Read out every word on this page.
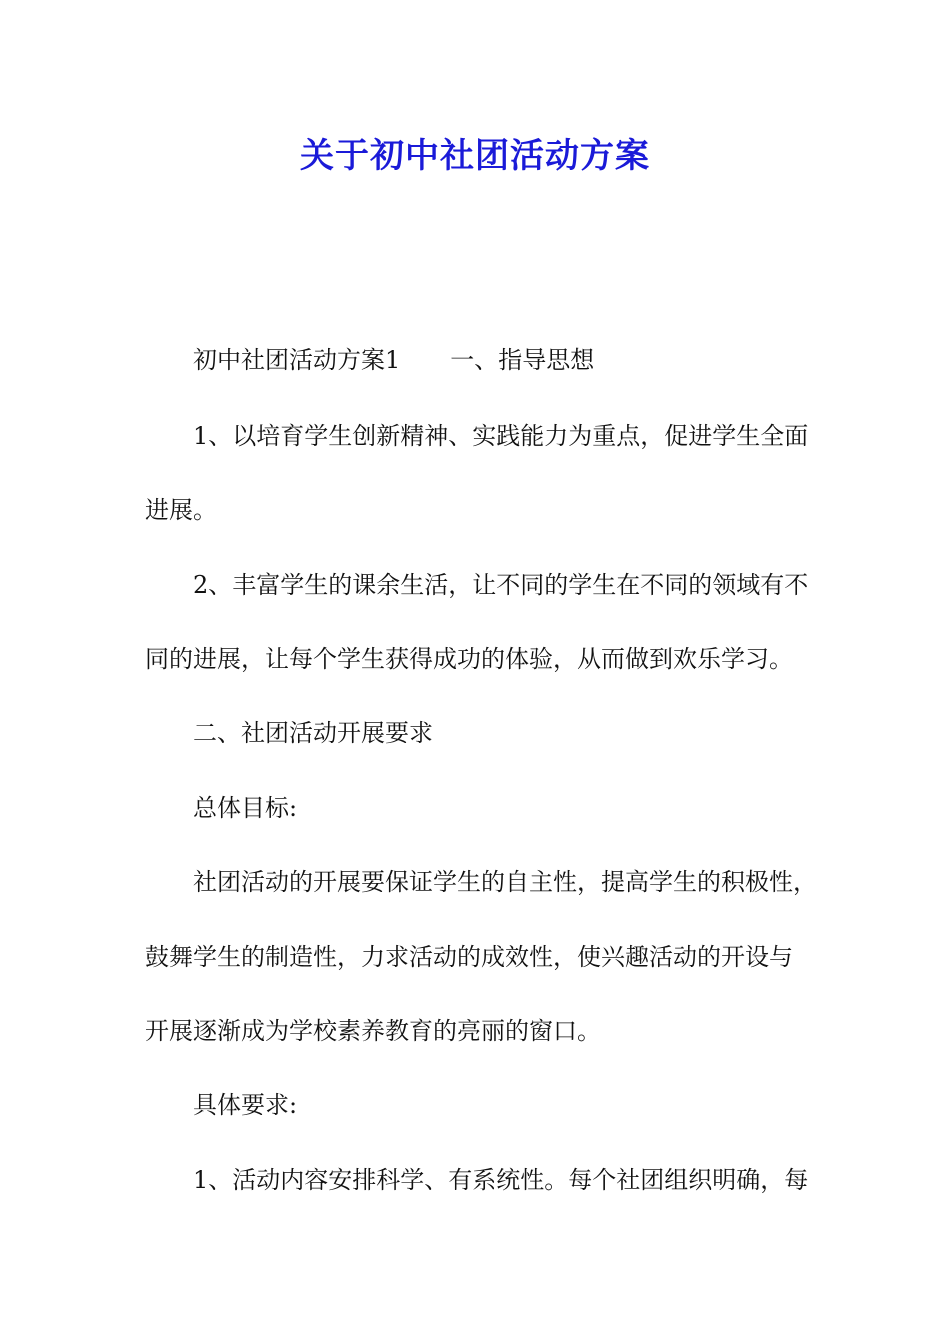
关于初中社团活动方案

初中社团活动方案1 一、指导思想

1、以培育学生创新精神、实践能力为重点，促进学生全面

进展。

2、丰富学生的课余生活，让不同的学生在不同的领域有不

同的进展，让每个学生获得成功的体验，从而做到欢乐学习。

二、社团活动开展要求

总体目标:

社团活动的开展要保证学生的自主性，提高学生的积极性，

鼓舞学生的制造性，力求活动的成效性，使兴趣活动的开设与

开展逐渐成为学校素养教育的亮丽的窗口。

具体要求:

1、活动内容安排科学、有系统性。每个社团组织明确，每
